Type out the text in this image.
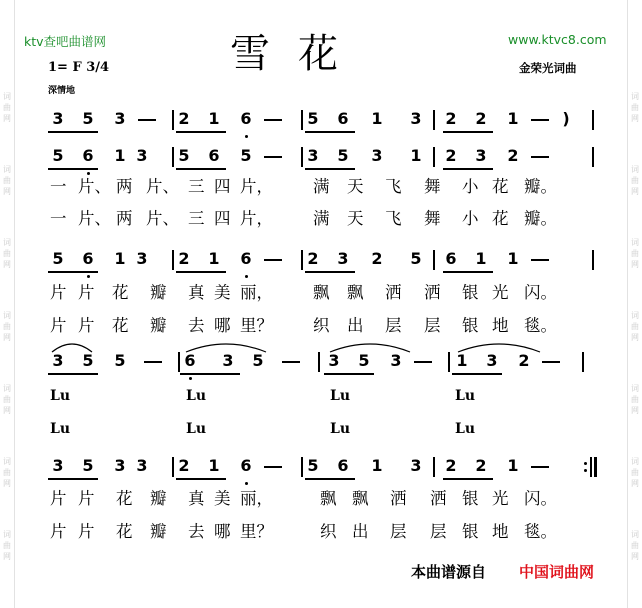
词
曲
网
词
曲
网
词
曲
网
词
曲
网
词
曲
网
词
曲
网
词
曲
网
词
曲
网
词
曲
网
词
曲
网
词
曲
网
词
曲
网
词
曲
网
词
曲
网
ktv查吧曲谱网	www.ktvc8.com
雪花
1= F 3/4	金荣光词曲
深情地
3 5 3	2 1 6	5 6 1 3 2 2 1	)
5 6 1 3 5 6 5	3 5 3 1 2 3 2
5 6 1 3 2 1 6	2 3 2 5 6 1 1
3 5 5	6 3 5	3 5 3	1 3 2
3 5 3 3 2 1 6	5 6 1 3 2 2 1
一 片、 两 片、 三 四 片， 满 天 飞 舞 小 花 瓣。
一 片、 两 片、 三 四 片， 满 天 飞 舞 小 花 瓣。
片 片 花 瓣 真 美 丽， 飘 飘 洒 洒 银 光 闪。
片 片 花 瓣 去 哪 里？ 织 出 层 层 银 地 毯。
片 片 花 瓣 真 美 丽，	飘 飘 洒 洒 银 光 闪。
片 片 花 瓣 去 哪 里？	织 出 层 层 银 地 毯。
Lu	Lu	Lu	Lu
Lu	Lu	Lu	Lu
本曲谱源自 中国词曲网
